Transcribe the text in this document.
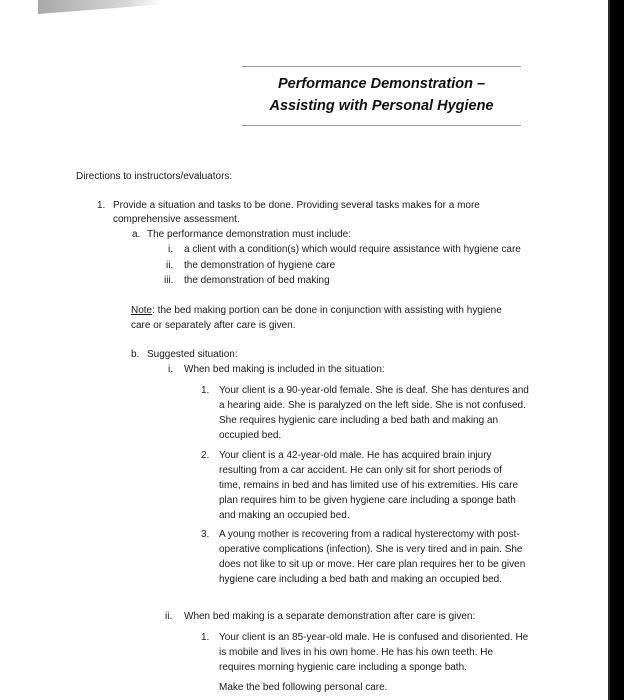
Performance Demonstration –
Assisting with Personal Hygiene
Directions to instructors/evaluators:
1. Provide a situation and tasks to be done. Providing several tasks makes for a more
comprehensive assessment.
a. The performance demonstration must include:
i. a client with a condition(s) which would require assistance with hygiene care
ii. the demonstration of hygiene care
iii. the demonstration of bed making
Note: the bed making portion can be done in conjunction with assisting with hygiene
care or separately after care is given.
b. Suggested situation:
i. When bed making is included in the situation:
1. Your client is a 90-year-old female. She is deaf. She has dentures and
a hearing aide. She is paralyzed on the left side. She is not confused.
She requires hygienic care including a bed bath and making an
occupied bed.
2. Your client is a 42-year-old male. He has acquired brain injury
resulting from a car accident. He can only sit for short periods of
time, remains in bed and has limited use of his extremities. His care
plan requires him to be given hygiene care including a sponge bath
and making an occupied bed.
3. A young mother is recovering from a radical hysterectomy with post-
operative complications (infection). She is very tired and in pain. She
does not like to sit up or move. Her care plan requires her to be given
hygiene care including a bed bath and making an occupied bed.
ii. When bed making is a separate demonstration after care is given:
1. Your client is an 85-year-old male. He is confused and disoriented. He
is mobile and lives in his own home. He has his own teeth. He
requires morning hygienic care including a sponge bath.
Make the bed following personal care.
